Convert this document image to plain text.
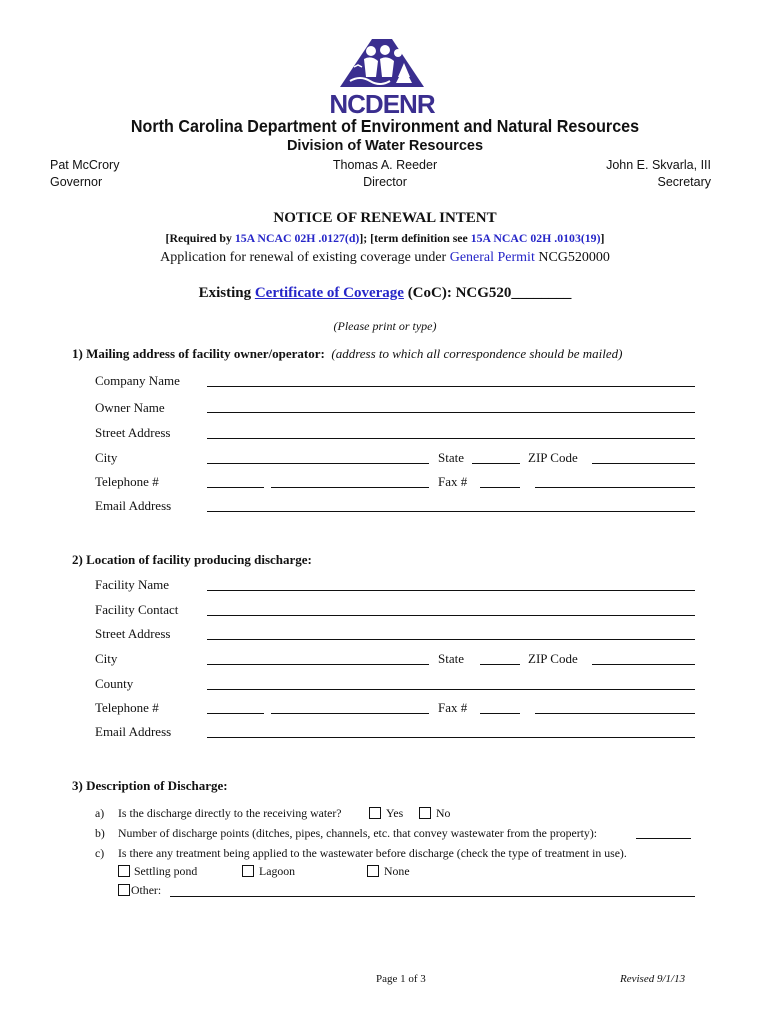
NCDENR
North Carolina Department of Environment and Natural Resources
Division of Water Resources
Pat McCrory
Governor
Thomas A. Reeder
Director
John E. Skvarla, III
Secretary
NOTICE OF RENEWAL INTENT
[Required by 15A NCAC 02H .0127(d)]; [term definition see 15A NCAC 02H .0103(19)]
Application for renewal of existing coverage under General Permit NCG520000
Existing Certificate of Coverage (CoC): NCG520________
(Please print or type)
1) Mailing address of facility owner/operator: (address to which all correspondence should be mailed)
Company Name
Owner Name
Street Address
City	State	ZIP Code
Telephone #	Fax #
Email Address
2) Location of facility producing discharge:
Facility Name
Facility Contact
Street Address
City	State	ZIP Code
County
Telephone #	Fax #
Email Address
3) Description of Discharge:
a) Is the discharge directly to the receiving water?	Yes	No
b) Number of discharge points (ditches, pipes, channels, etc. that convey wastewater from the property):
c) Is there any treatment being applied to the wastewater before discharge (check the type of treatment in use).
Settling pond	Lagoon	None
Other:
Page 1 of 3	Revised 9/1/13
